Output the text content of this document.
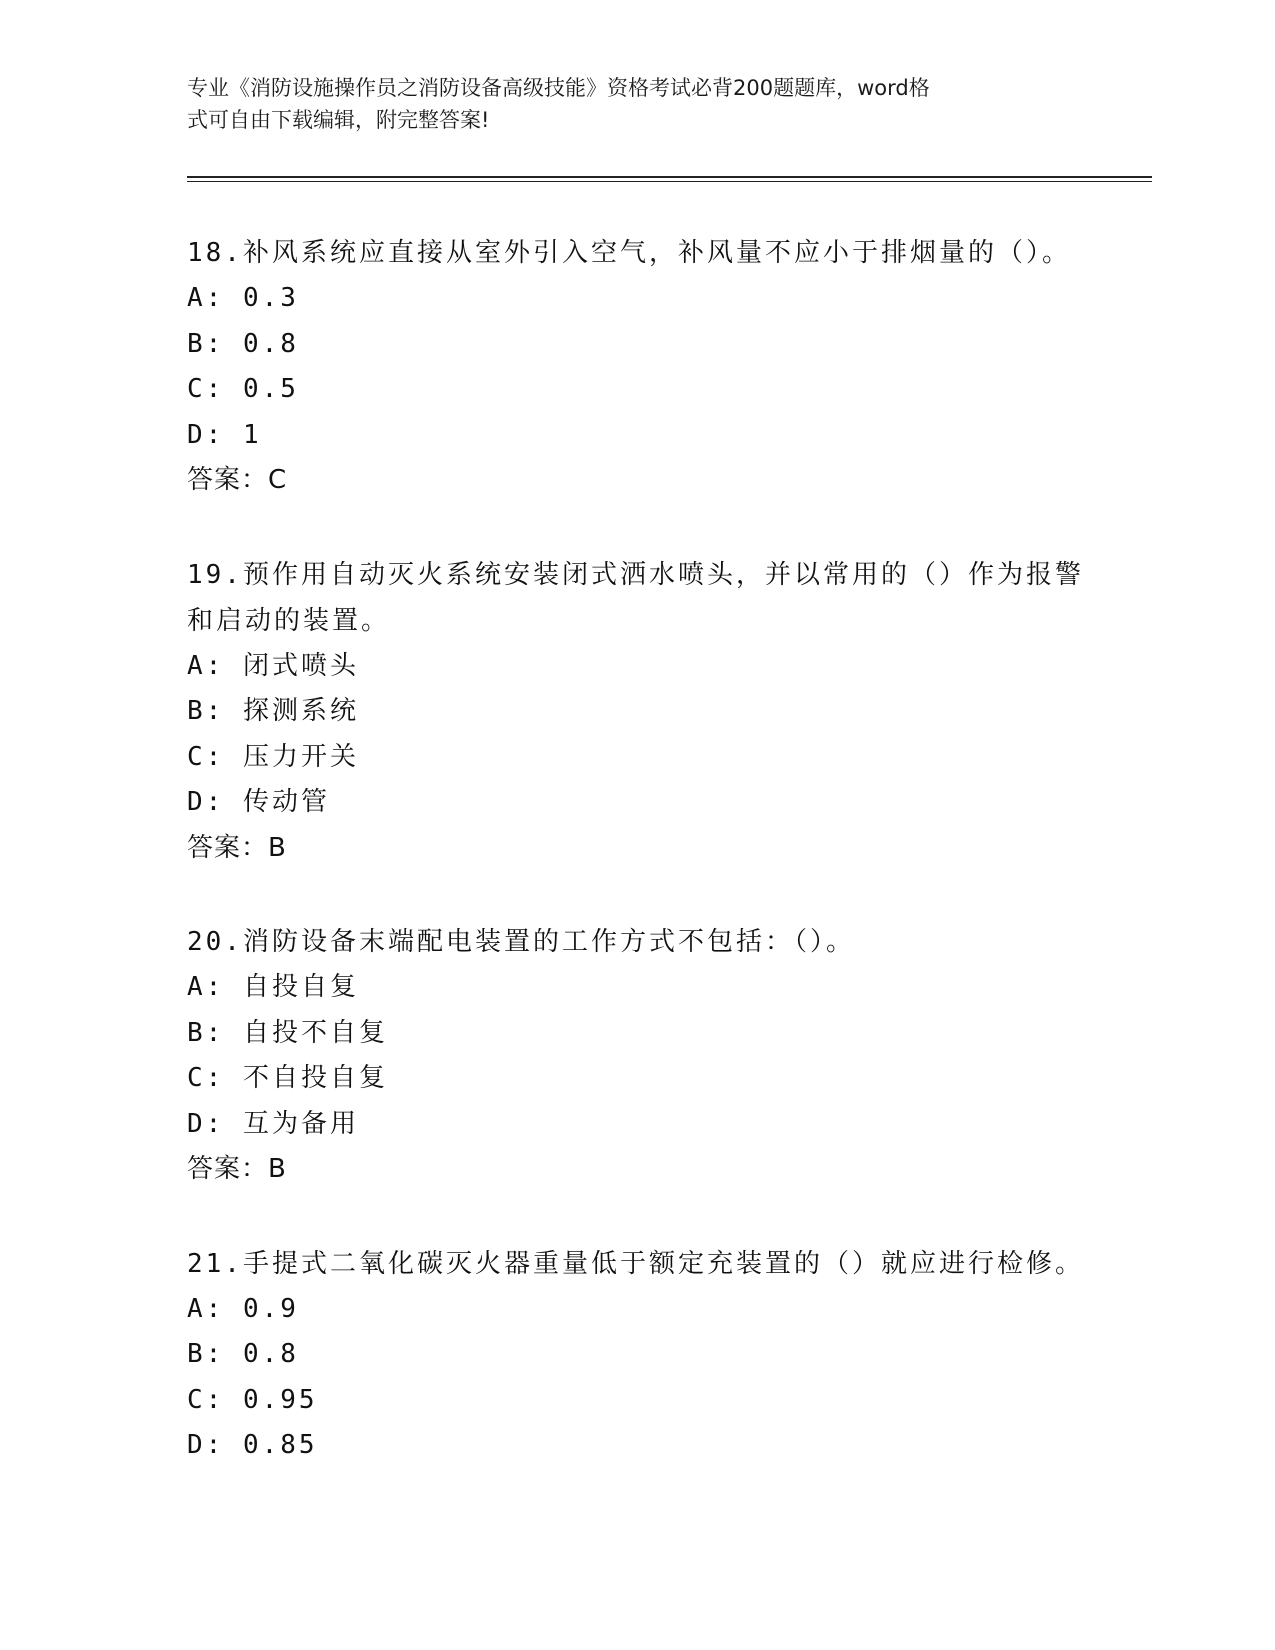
专业《消防设施操作员之消防设备高级技能》资格考试必背200题题库，word格
式可自由下载编辑，附完整答案!

18.补风系统应直接从室外引入空气，补风量不应小于排烟量的（）。

A: 0.3

B: 0.8

C: 0.5

D: 1

答案：C

19.预作用自动灭火系统安装闭式洒水喷头，并以常用的（）作为报警和启动的装置。

A: 闭式喷头

B: 探测系统

C: 压力开关

D: 传动管

答案：B

20.消防设备末端配电装置的工作方式不包括：（）。

A: 自投自复

B: 自投不自复

C: 不自投自复

D: 互为备用

答案：B

21.手提式二氧化碳灭火器重量低于额定充装置的（）就应进行检修。

A: 0.9

B: 0.8

C: 0.95

D: 0.85
